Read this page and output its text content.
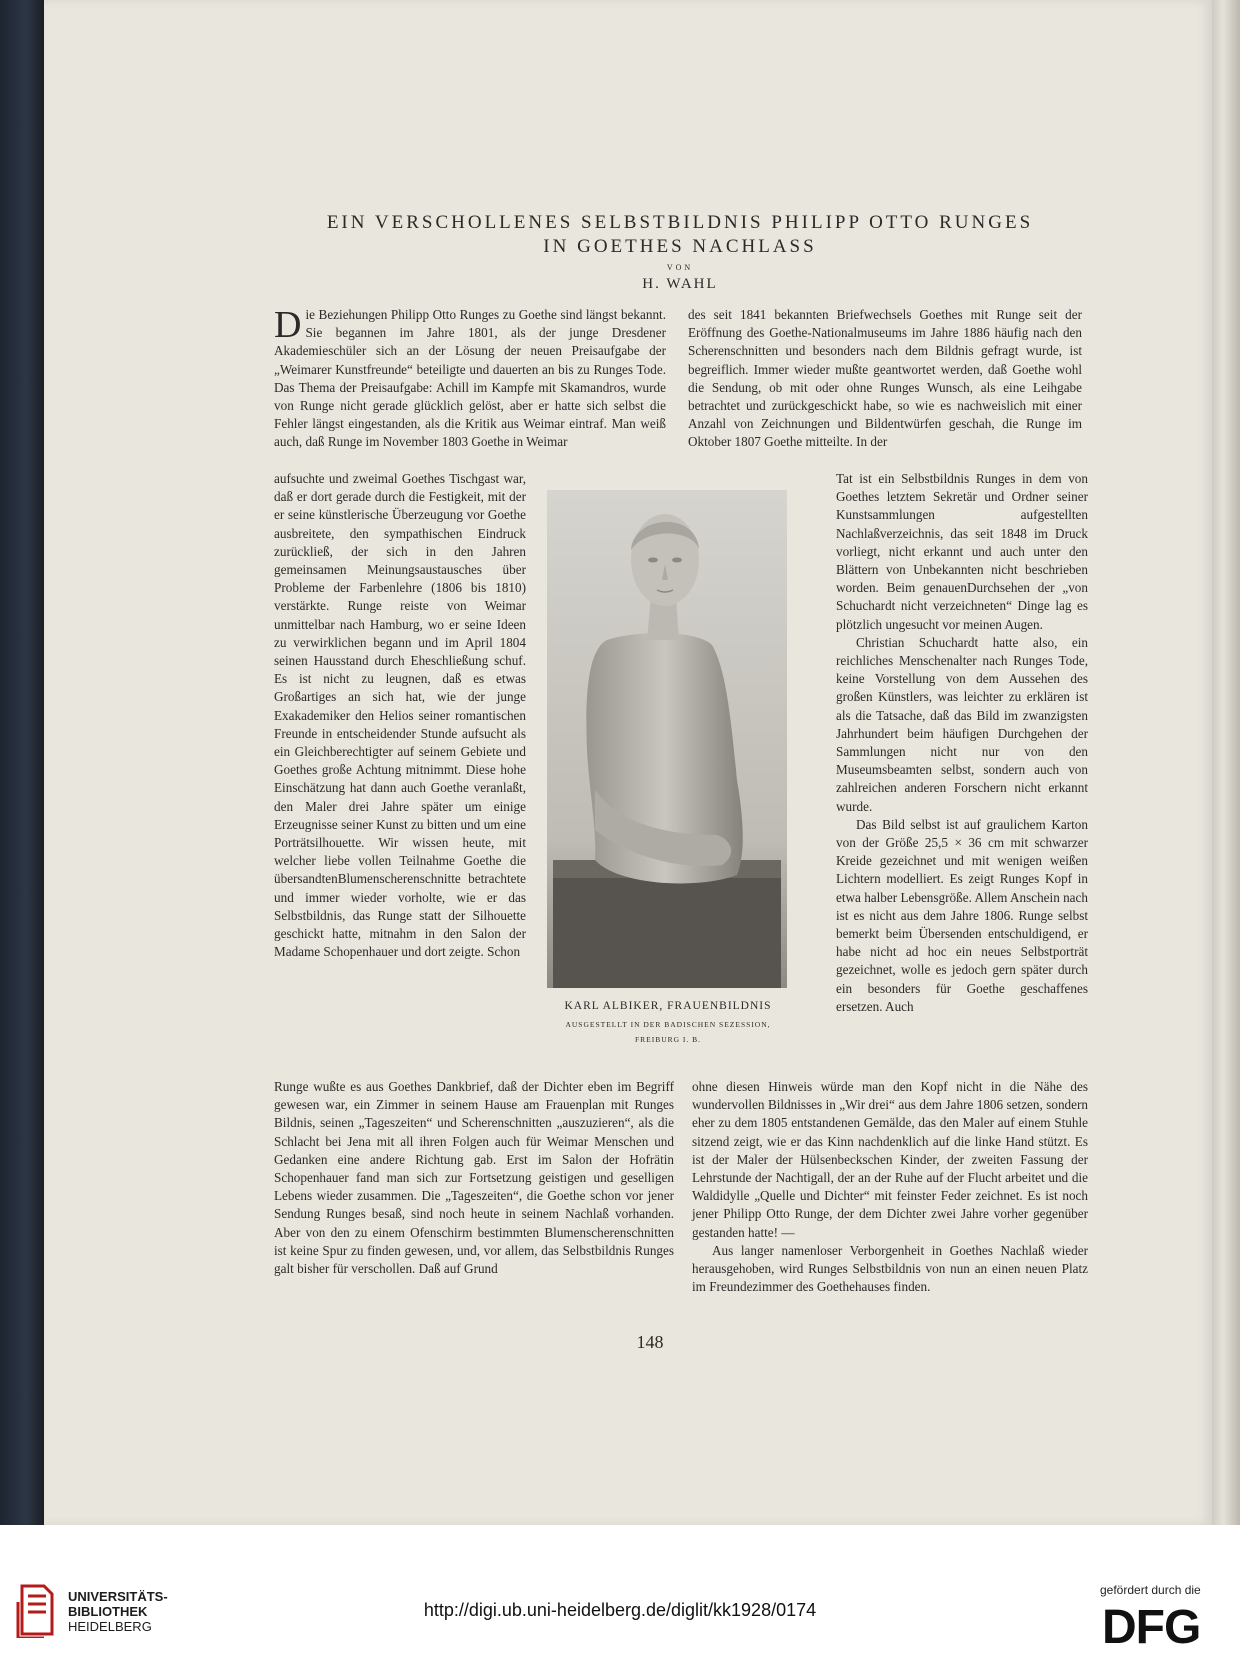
EIN VERSCHOLLENES SELBSTBILDNIS PHILIPP OTTO RUNGES
IN GOETHES NACHLASS
VON
H. WAHL

Die Beziehungen Philipp Otto Runges zu Goethe sind längst bekannt. Sie begannen im Jahre 1801, als der junge Dresdener Akademieschüler sich an der Lösung der neuen Preisaufgabe der „Weimarer Kunstfreunde“ beteiligte und dauerten an bis zu Runges Tode. Das Thema der Preisaufgabe: Achill im Kampfe mit Skamandros, wurde von Runge nicht gerade glücklich gelöst, aber er hatte sich selbst die Fehler längst eingestanden, als die Kritik aus Weimar eintraf. Man weiß auch, daß Runge im November 1803 Goethe in Weimar

aufsuchte und zweimal Goethes Tischgast war, daß er dort gerade durch die Festigkeit, mit der er seine künstlerische Überzeugung vor Goethe ausbreitete, den sympathischen Eindruck zurückließ, der sich in den Jahren gemeinsamen Meinungsaustausches über Probleme der Farbenlehre (1806 bis 1810) verstärkte. Runge reiste von Weimar unmittelbar nach Hamburg, wo er seine Ideen zu verwirklichen begann und im April 1804 seinen Hausstand durch Eheschließung schuf. Es ist nicht zu leugnen, daß es etwas Großartiges an sich hat, wie der junge Exakademiker den Helios seiner romantischen Freunde in entscheidender Stunde aufsucht als ein Gleichberechtigter auf seinem Gebiete und Goethes große Achtung mitnimmt. Diese hohe Einschätzung hat dann auch Goethe veranlaßt, den Maler drei Jahre später um einige Erzeugnisse seiner Kunst zu bitten und um eine Porträtsilhouette. Wir wissen heute, mit welcher liebe vollen Teilnahme Goethe die übersandtenBlumenscherenschnitte betrachtete und immer wieder vorholte, wie er das Selbstbildnis, das Runge statt der Silhouette geschickt hatte, mitnahm in den Salon der Madame Schopenhauer und dort zeigte. Schon

Runge wußte es aus Goethes Dankbrief, daß der Dichter eben im Begriff gewesen war, ein Zimmer in seinem Hause am Frauenplan mit Runges Bildnis, seinen „Tageszeiten“ und Scherenschnitten „auszuzieren“, als die Schlacht bei Jena mit all ihren Folgen auch für Weimar Menschen und Gedanken eine andere Richtung gab. Erst im Salon der Hofrätin Schopenhauer fand man sich zur Fortsetzung geistigen und geselligen Lebens wieder zusammen. Die „Tageszeiten“, die Goethe schon vor jener Sendung Runges besaß, sind noch heute in seinem Nachlaß vorhanden. Aber von den zu einem Ofenschirm bestimmten Blumenscherenschnitten ist keine Spur zu finden gewesen, und, vor allem, das Selbstbildnis Runges galt bisher für verschollen. Daß auf Grund

des seit 1841 bekannten Briefwechsels Goethes mit Runge seit der Eröffnung des Goethe-Nationalmuseums im Jahre 1886 häufig nach den Scherenschnitten und besonders nach dem Bildnis gefragt wurde, ist begreiflich. Immer wieder mußte geantwortet werden, daß Goethe wohl die Sendung, ob mit oder ohne Runges Wunsch, als eine Leihgabe betrachtet und zurückgeschickt habe, so wie es nachweislich mit einer Anzahl von Zeichnungen und Bildentwürfen geschah, die Runge im Oktober 1807 Goethe mitteilte. In der

Tat ist ein Selbstbildnis Runges in dem von Goethes letztem Sekretär und Ordner seiner Kunstsammlungen aufgestellten Nachlaßverzeichnis, das seit 1848 im Druck vorliegt, nicht erkannt und auch unter den Blättern von Unbekannten nicht beschrieben worden. Beim genauenDurchsehen der „von Schuchardt nicht verzeichneten“ Dinge lag es plötzlich ungesucht vor meinen Augen.

Christian Schuchardt hatte also, ein reichliches Menschenalter nach Runges Tode, keine Vorstellung von dem Aussehen des großen Künstlers, was leichter zu erklären ist als die Tatsache, daß das Bild im zwanzigsten Jahrhundert beim häufigen Durchgehen der Sammlungen nicht nur von den Museumsbeamten selbst, sondern auch von zahlreichen anderen Forschern nicht erkannt wurde.

Das Bild selbst ist auf graulichem Karton von der Größe 25,5 × 36 cm mit schwarzer Kreide gezeichnet und mit wenigen weißen Lichtern modelliert. Es zeigt Runges Kopf in etwa halber Lebensgröße. Allem Anschein nach ist es nicht aus dem Jahre 1806. Runge selbst bemerkt beim Übersenden entschuldigend, er habe nicht ad hoc ein neues Selbstporträt gezeichnet, wolle es jedoch gern später durch ein besonders für Goethe geschaffenes ersetzen. Auch

ohne diesen Hinweis würde man den Kopf nicht in die Nähe des wundervollen Bildnisses in „Wir drei“ aus dem Jahre 1806 setzen, sondern eher zu dem 1805 entstandenen Gemälde, das den Maler auf einem Stuhle sitzend zeigt, wie er das Kinn nachdenklich auf die linke Hand stützt. Es ist der Maler der Hülsenbeckschen Kinder, der zweiten Fassung der Lehrstunde der Nachtigall, der an der Ruhe auf der Flucht arbeitet und die Waldidylle „Quelle und Dichter“ mit feinster Feder zeichnet. Es ist noch jener Philipp Otto Runge, der dem Dichter zwei Jahre vorher gegenüber gestanden hatte! —

Aus langer namenloser Verborgenheit in Goethes Nachlaß wieder herausgehoben, wird Runges Selbstbildnis von nun an einen neuen Platz im Freundezimmer des Goethehauses finden.

KARL ALBIKER, FRAUENBILDNIS
AUSGESTELLT IN DER BADISCHEN SEZESSION,
FREIBURG I. B.
148
UNIVERSITÄTS-
BIBLIOTHEK
HEIDELBERG
http://digi.ub.uni-heidelberg.de/diglit/kk1928/0174
gefördert durch die
DFG
